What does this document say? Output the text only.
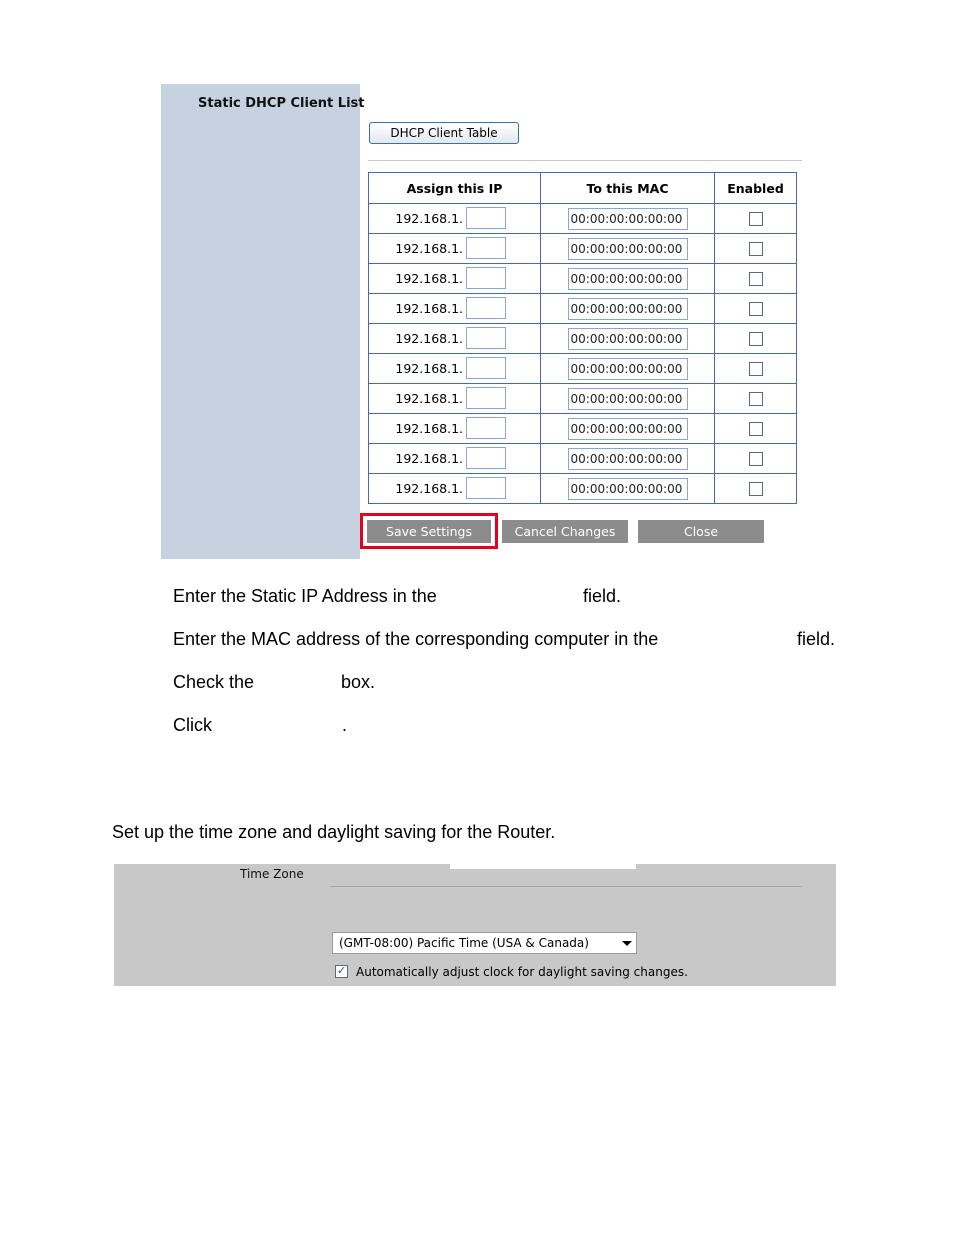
Static DHCP Client List
DHCP Client Table
Assign this IP	To this MAC	Enabled

192.168.1.	00:00:00:00:00:00	

192.168.1.	00:00:00:00:00:00	

192.168.1.	00:00:00:00:00:00	

192.168.1.	00:00:00:00:00:00	

192.168.1.	00:00:00:00:00:00	

192.168.1.	00:00:00:00:00:00	

192.168.1.	00:00:00:00:00:00	

192.168.1.	00:00:00:00:00:00	

192.168.1.	00:00:00:00:00:00	

192.168.1.	00:00:00:00:00:00	

Save Settings	Cancel Changes	Close
Enter the Static IP Address in the	field.
Enter the MAC address of the corresponding computer in the	field.
Check the	box.
Click	.
Set up the time zone and daylight saving for the Router.
Time Zone
(GMT-08:00) Pacific Time (USA & Canada)
✓ Automatically adjust clock for daylight saving changes.
